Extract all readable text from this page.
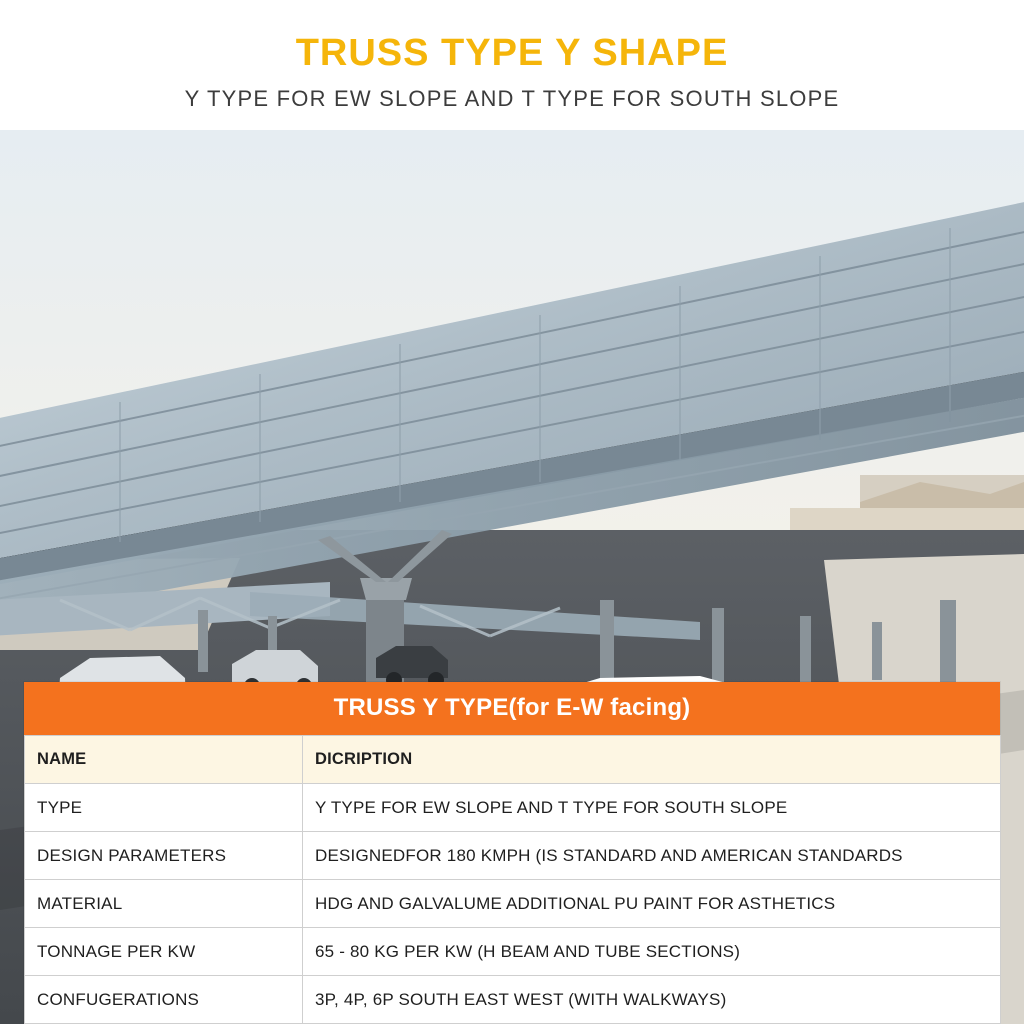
TRUSS TYPE Y SHAPE
Y TYPE FOR EW SLOPE AND T TYPE FOR SOUTH SLOPE
TRUSS Y TYPE(for E-W facing)
NAME	DICRIPTION
TYPE	Y TYPE FOR EW SLOPE AND T TYPE FOR SOUTH SLOPE
DESIGN PARAMETERS	DESIGNEDFOR 180 KMPH (IS STANDARD AND AMERICAN STANDARDS
MATERIAL	HDG AND GALVALUME ADDITIONAL PU PAINT FOR ASTHETICS
TONNAGE PER KW	65 - 80 KG PER KW (H BEAM AND TUBE SECTIONS)
CONFUGERATIONS	3P, 4P, 6P SOUTH EAST WEST (WITH WALKWAYS)
